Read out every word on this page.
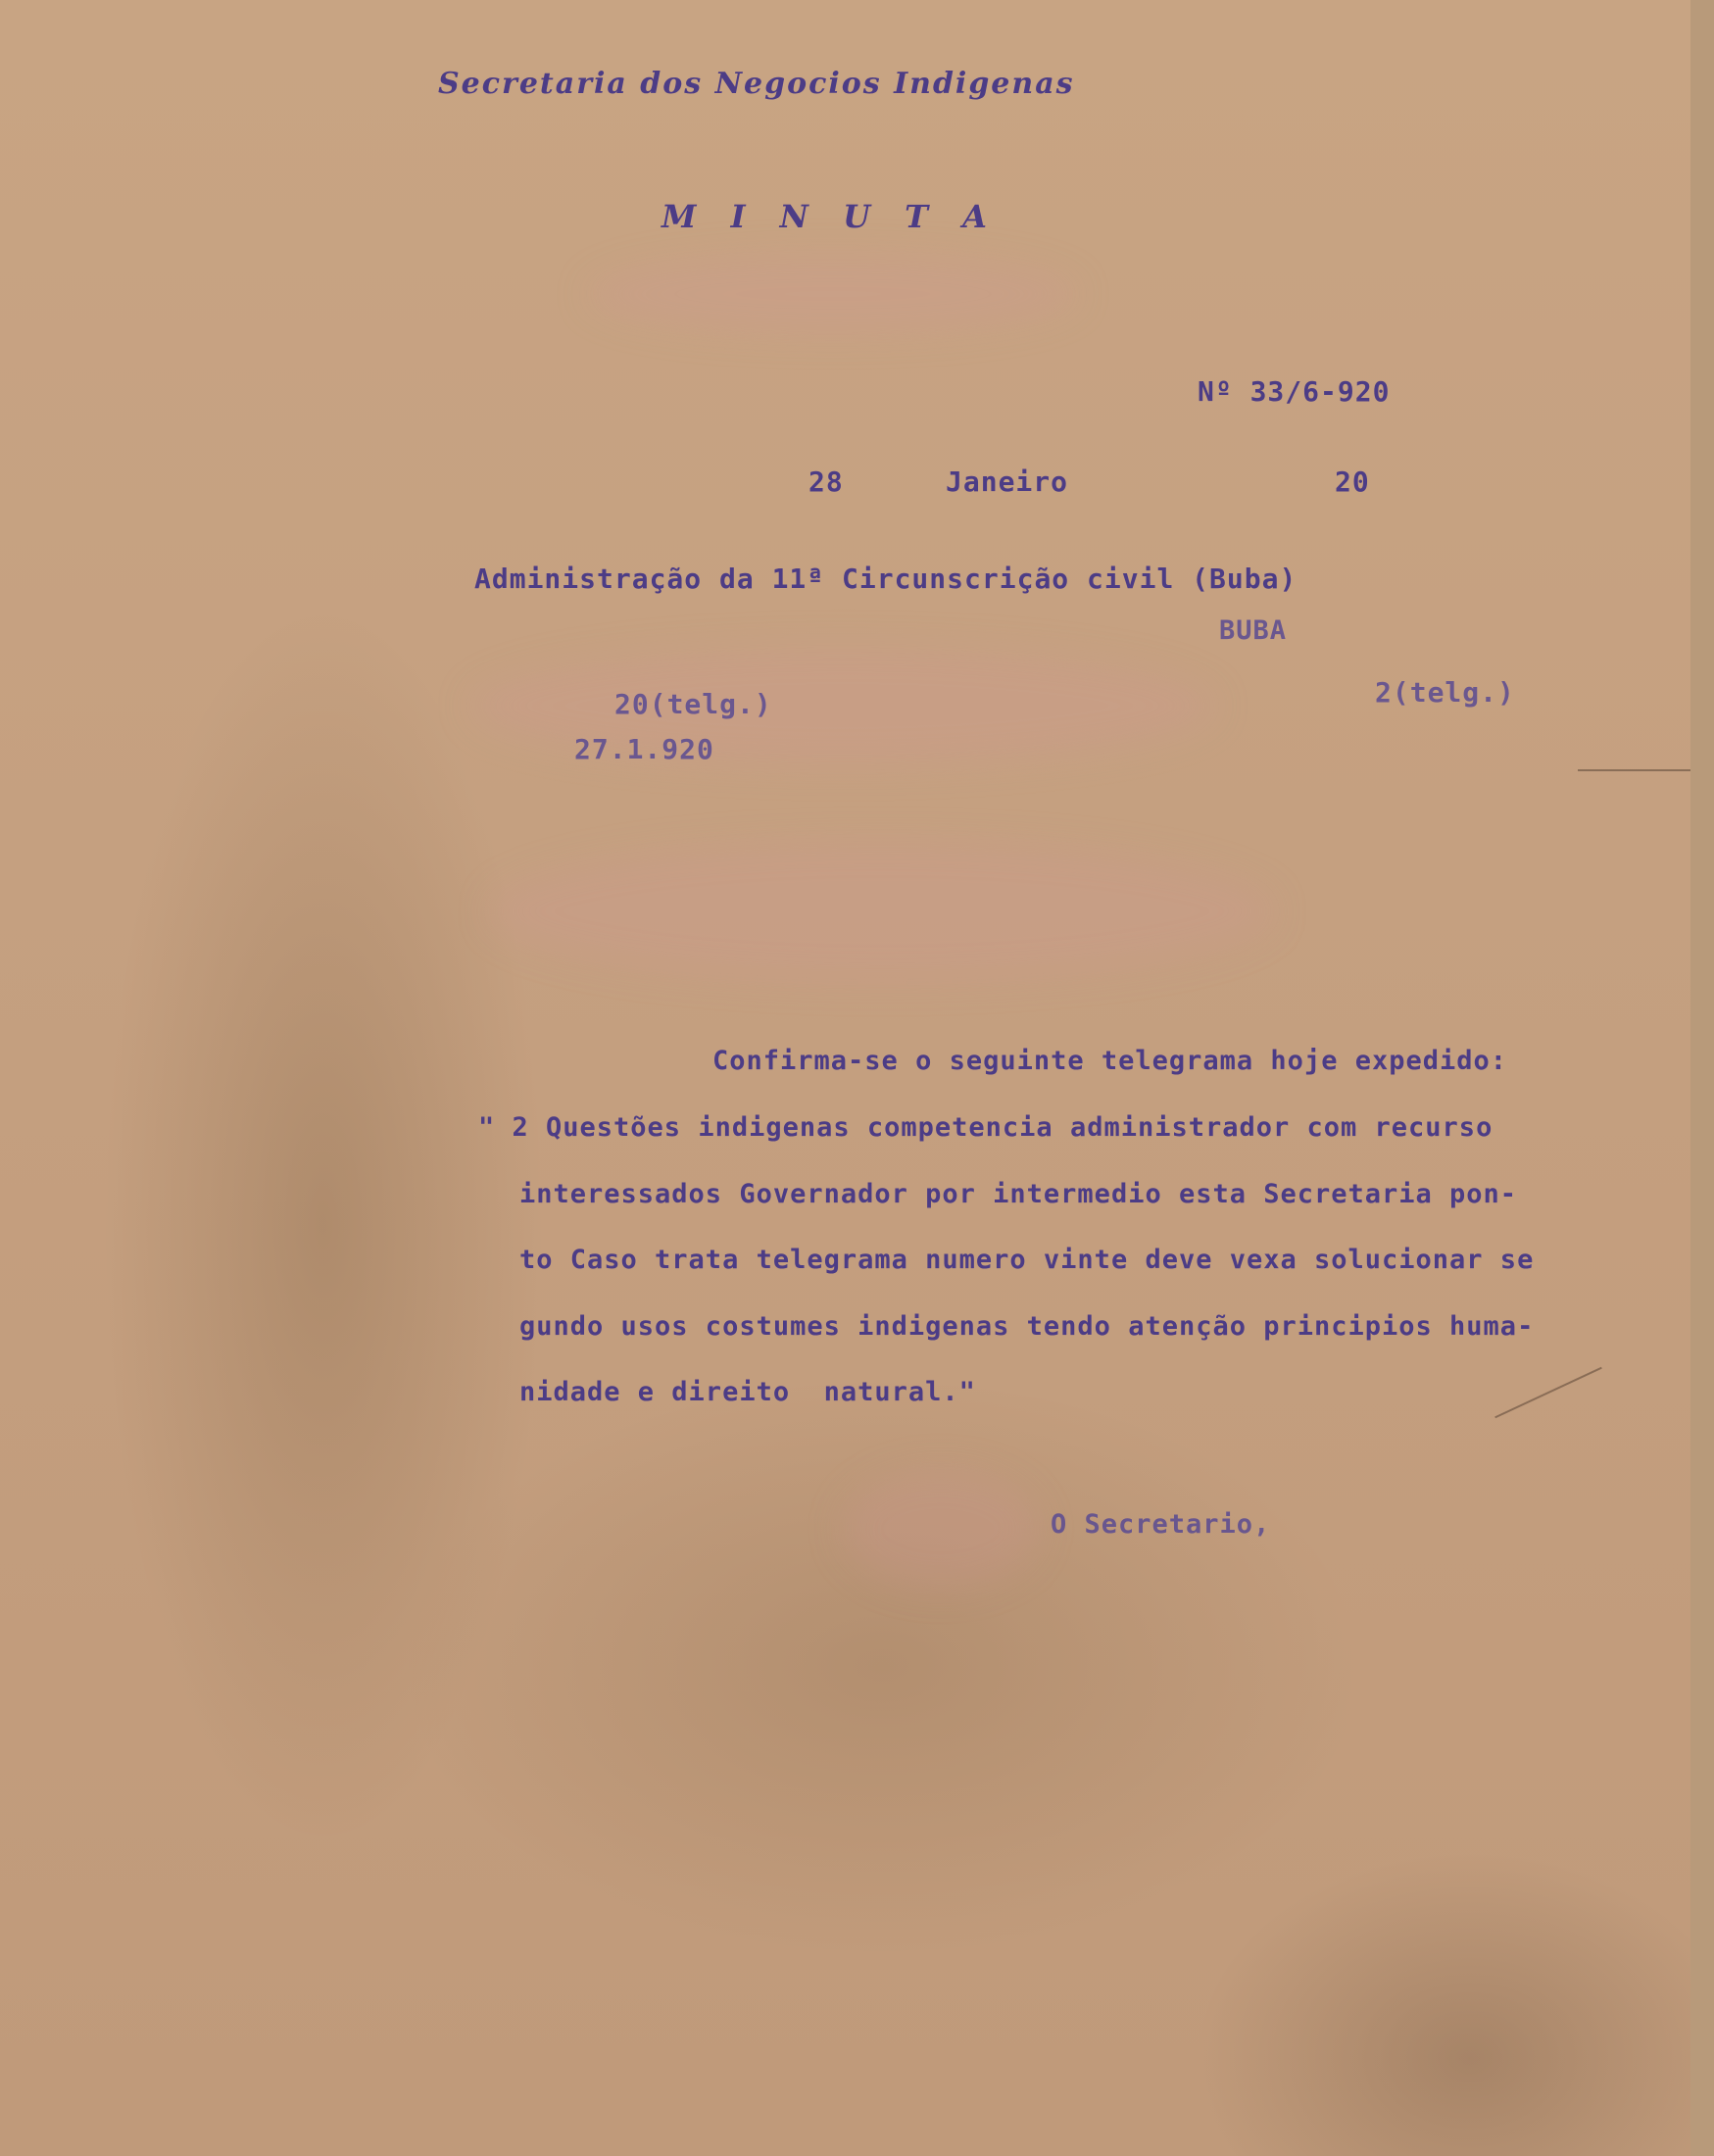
Secretaria dos Negocios Indigenas
M I N U T A
Nº 33/6-920
28	Janeiro	20
Administração da 11ª Circunscrição civil (Buba)
BUBA
20(telg.)
27.1.920
2(telg.)
Confirma-se o seguinte telegrama hoje expedido:
" 2 Questões indigenas competencia administrador com recurso
interessados Governador por intermedio esta Secretaria pon-
to Caso trata telegrama numero vinte deve vexa solucionar se
gundo usos costumes indigenas tendo atenção principios huma-
nidade e direito  natural."
O Secretario,
